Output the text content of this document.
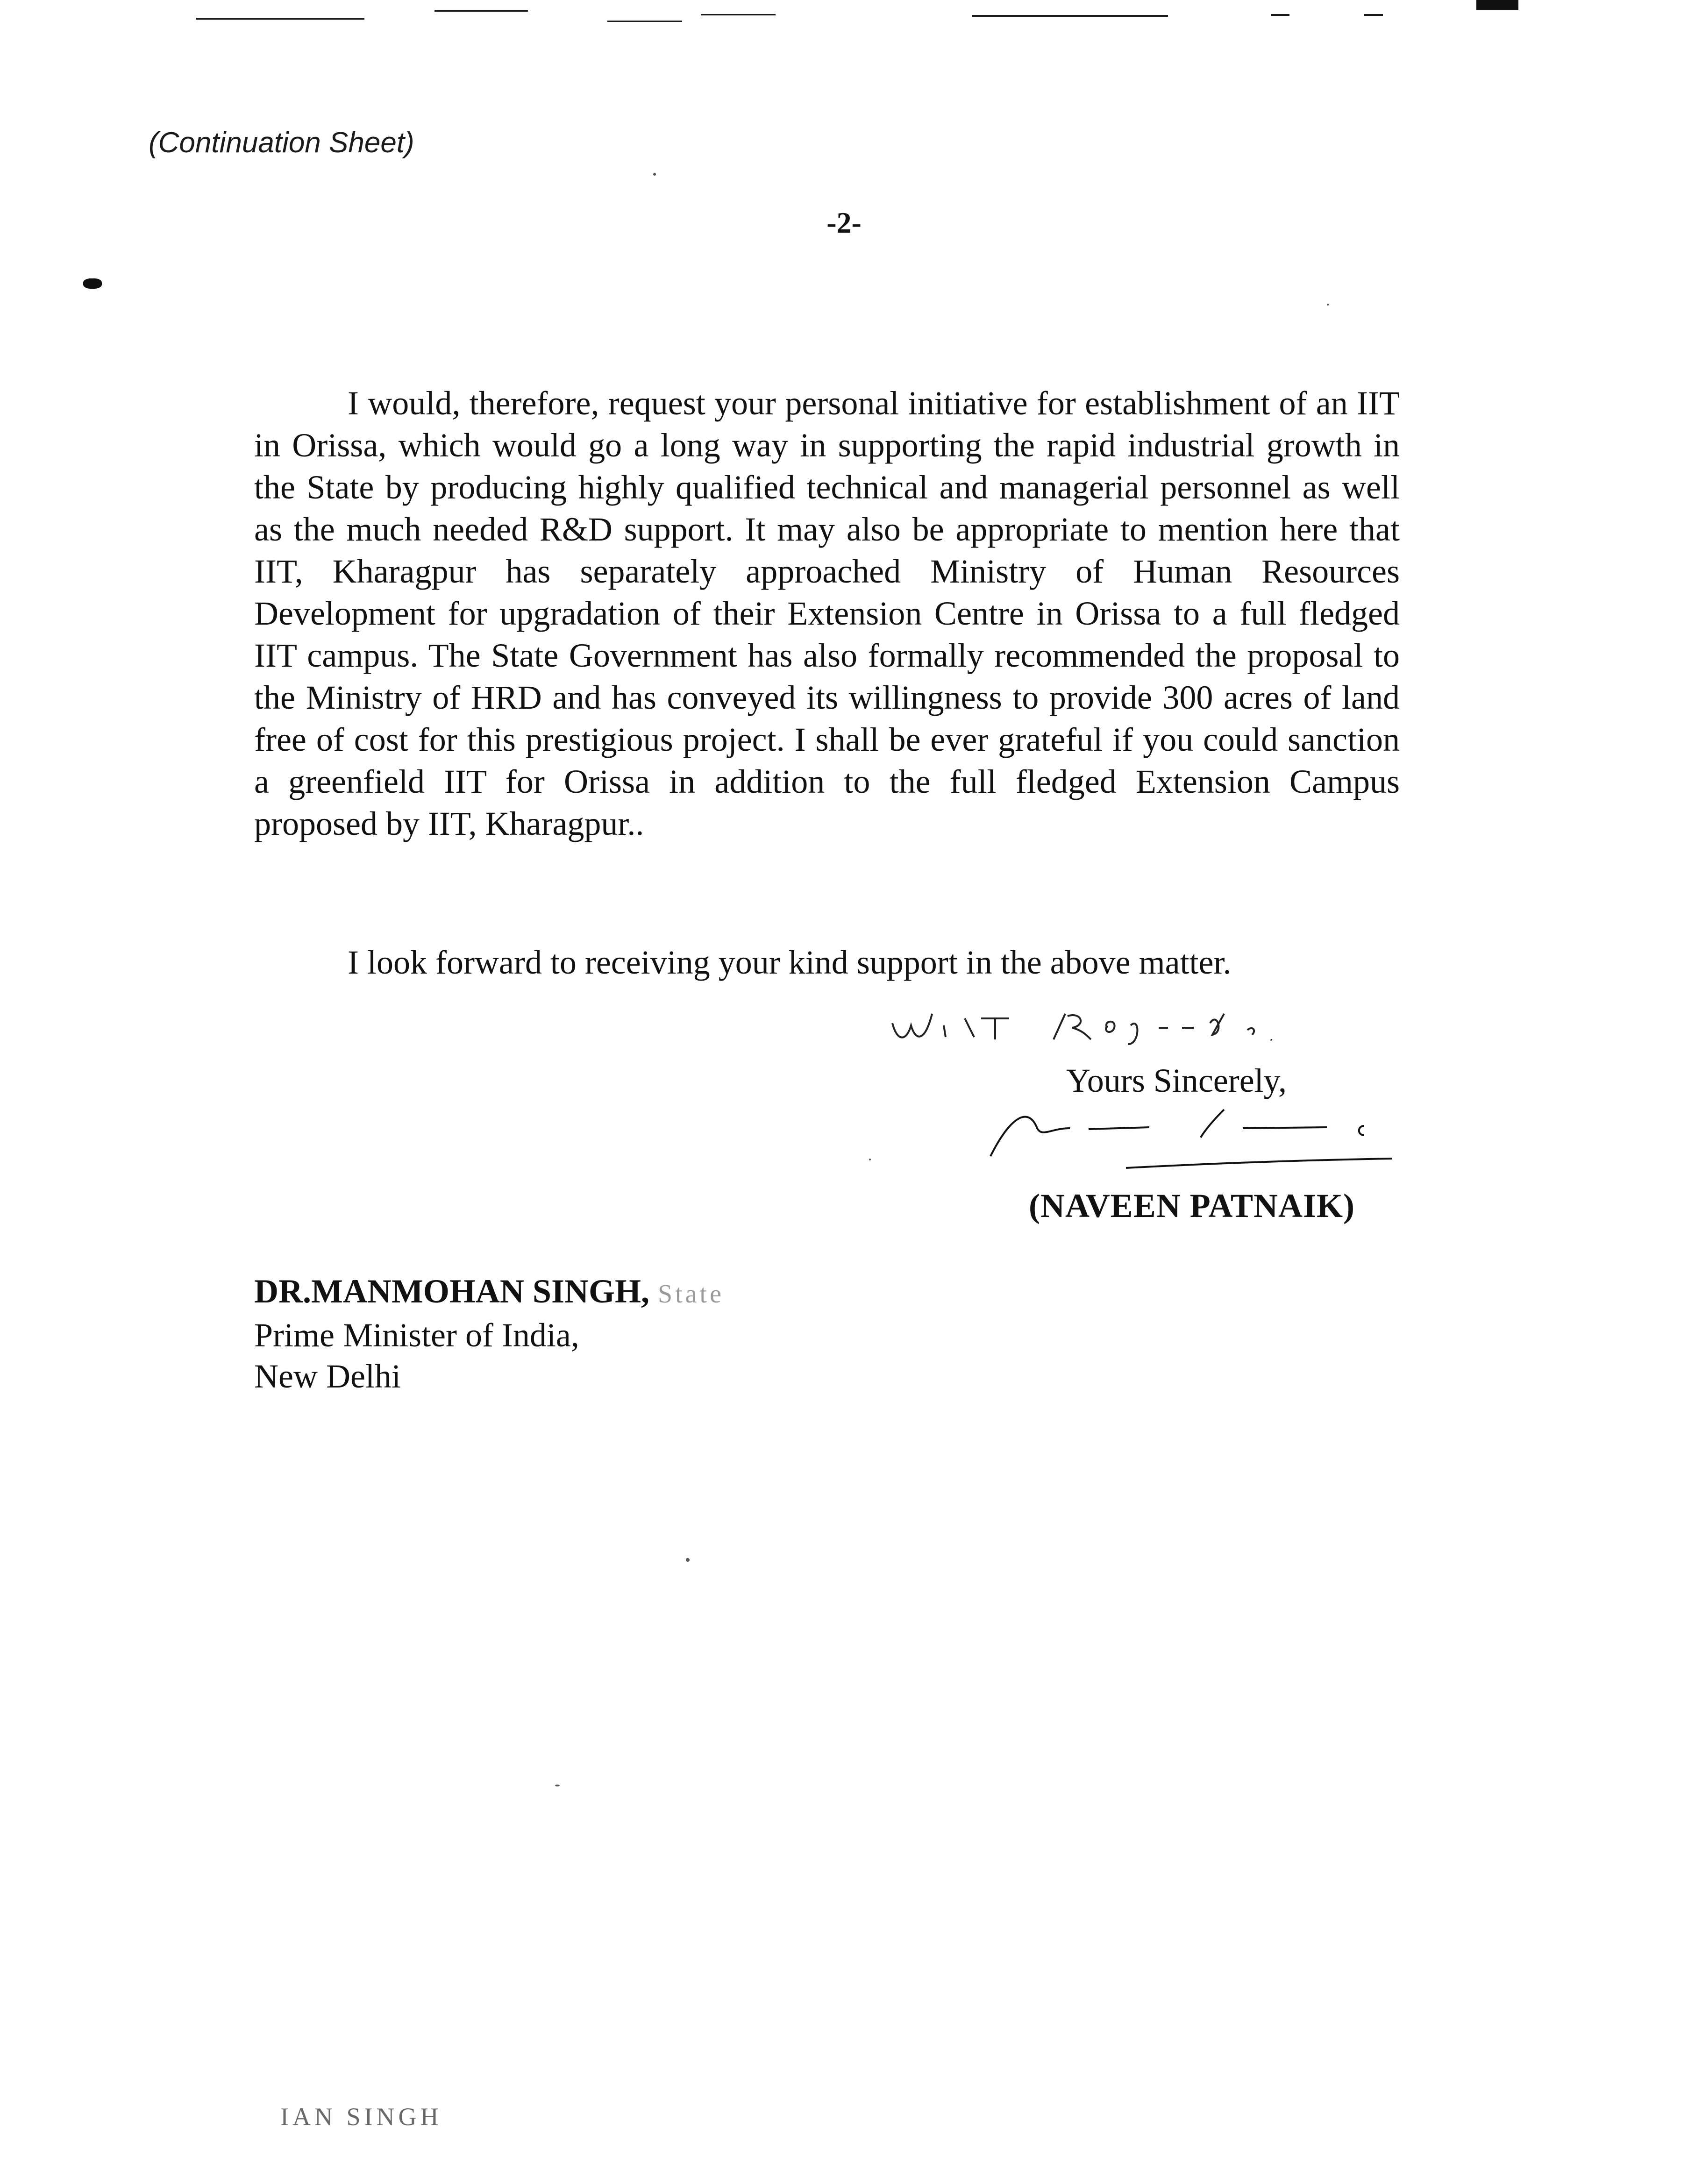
(Continuation Sheet)
-2-

I would, therefore, request your personal initiative for establishment of an IIT in Orissa, which would go a long way in supporting the rapid industrial growth in the State by producing highly qualified technical and managerial personnel as well as the much needed R&D support. It may also be appropriate to mention here that IIT, Kharagpur has separately approached Ministry of Human Resources Development for upgradation of their Extension Centre in Orissa to a full fledged IIT campus. The State Government has also formally recommended the proposal to the Ministry of HRD and has conveyed its willingness to provide 300 acres of land free of cost for this prestigious project. I shall be ever grateful if you could sanction a greenfield IIT for Orissa in addition to the full fledged Extension Campus proposed by IIT, Kharagpur..

I look forward to receiving your kind support in the above matter.

Yours Sincerely,
(NAVEEN PATNAIK)
DR.MANMOHAN SINGH, State
Prime Minister of India,
New Delhi
IAN SINGH
